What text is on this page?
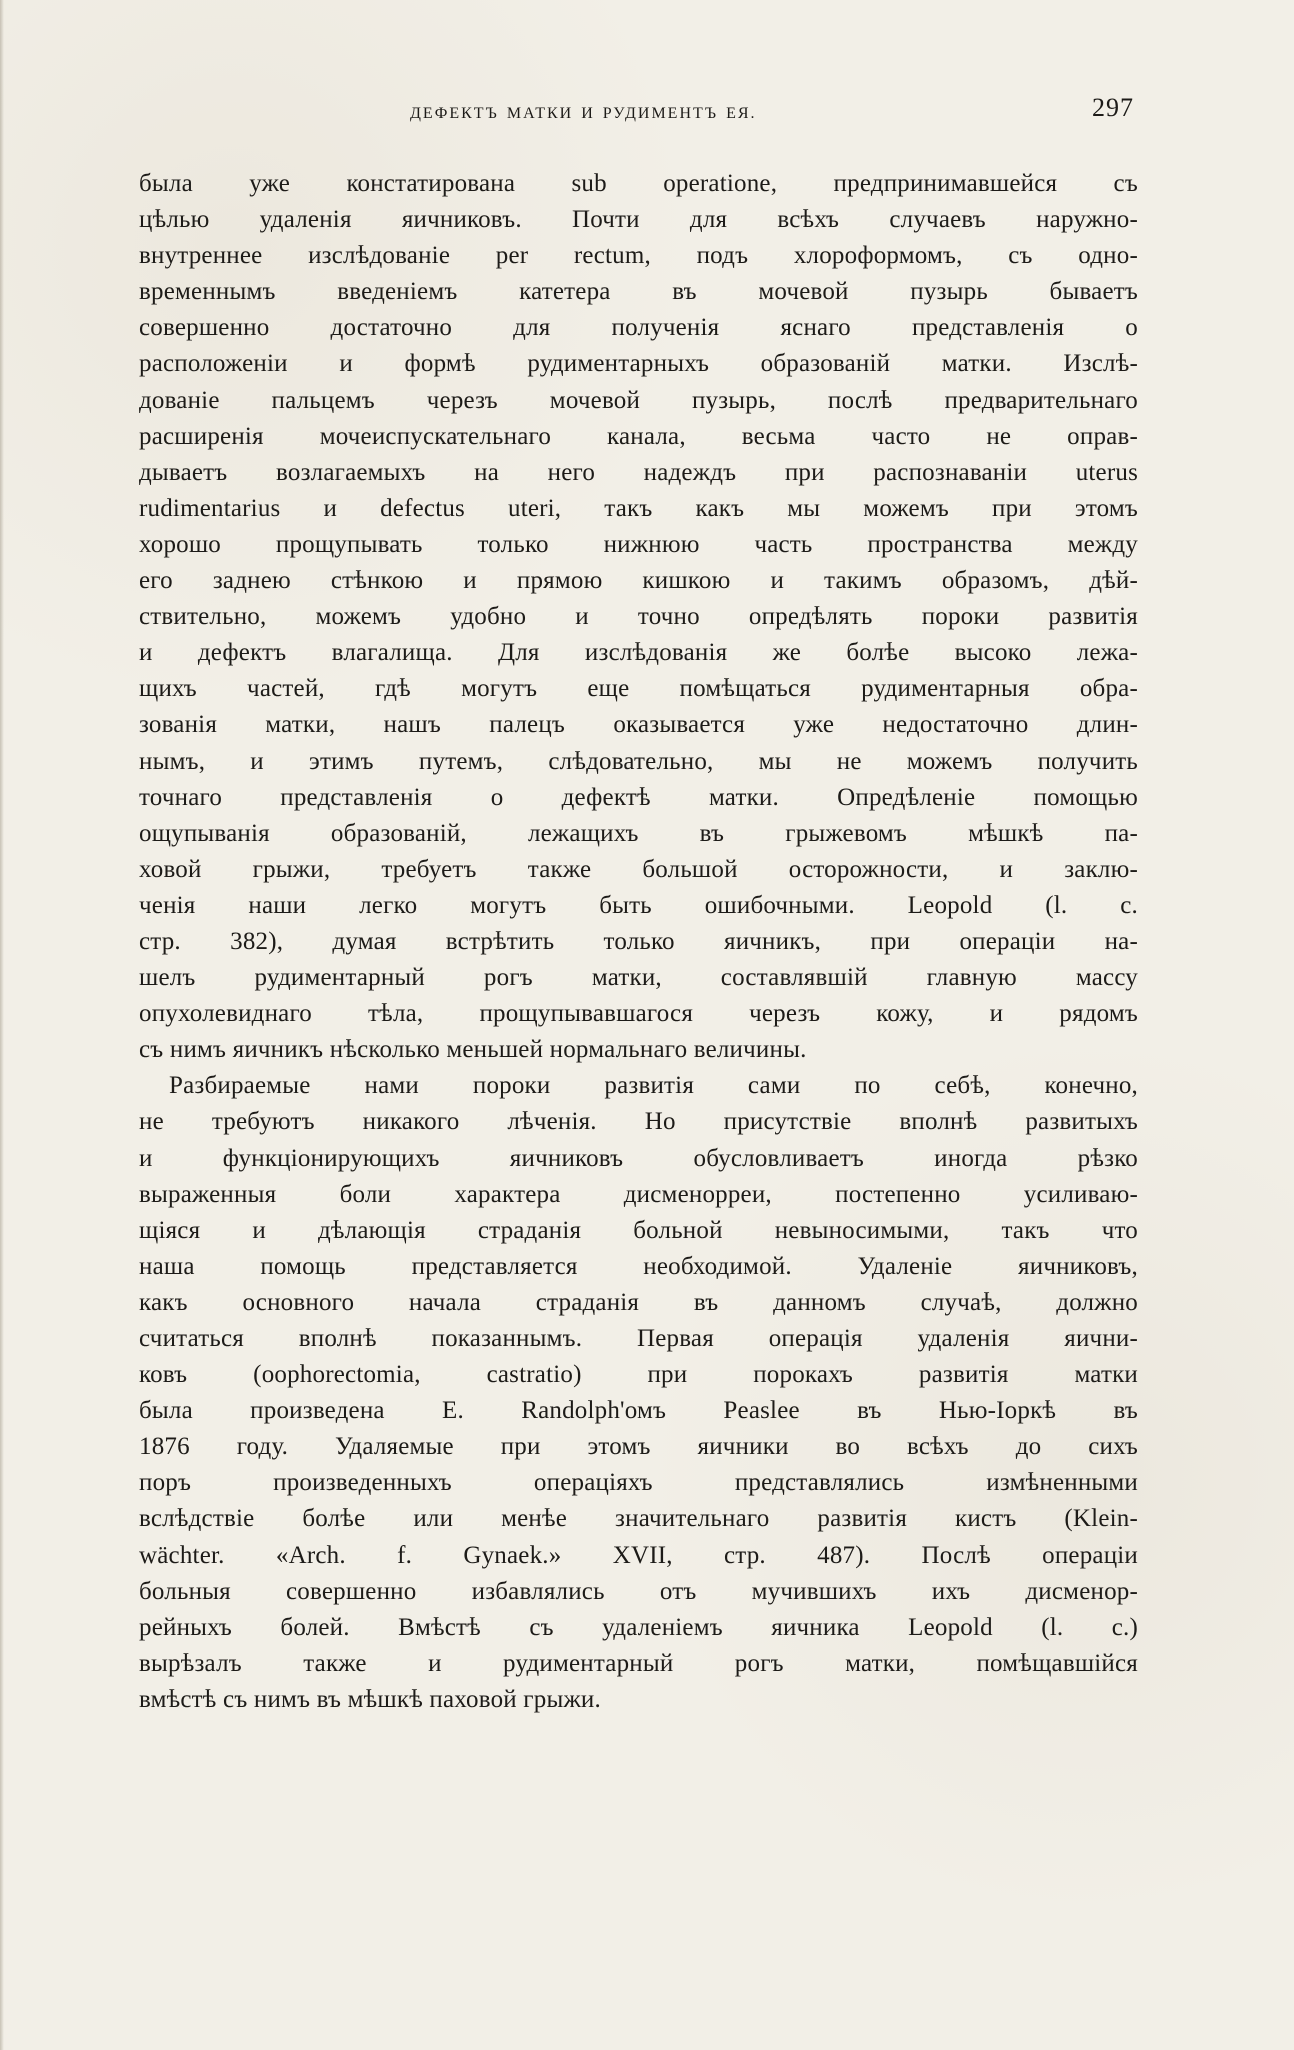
ДЕФЕКТЪ МАТКИ И РУДИМЕНТЪ ЕЯ.	297

была уже констатирована sub operatione, предпринимавшейся съ
цѣлью удаленія яичниковъ. Почти для всѣхъ случаевъ наружно-
внутреннее изслѣдованіе per rectum, подъ хлороформомъ, съ одно-
временнымъ введеніемъ катетера въ мочевой пузырь бываетъ
совершенно достаточно для полученія яснаго представленія о
расположеніи и формѣ рудиментарныхъ образованій матки. Изслѣ-
дованіе пальцемъ черезъ мочевой пузырь, послѣ предварительнаго
расширенія мочеиспускательнаго канала, весьма часто не оправ-
дываетъ возлагаемыхъ на него надеждъ при распознаваніи uterus
rudimentarius и defectus uteri, такъ какъ мы можемъ при этомъ
хорошо прощупывать только нижнюю часть пространства между
его заднею стѣнкою и прямою кишкою и такимъ образомъ, дѣй-
ствительно, можемъ удобно и точно опредѣлять пороки развитія
и дефектъ влагалища. Для изслѣдованія же болѣе высоко лежа-
щихъ частей, гдѣ могутъ еще помѣщаться рудиментарныя обра-
зованія матки, нашъ палецъ оказывается уже недостаточно длин-
нымъ, и этимъ путемъ, слѣдовательно, мы не можемъ получить
точнаго представленія о дефектѣ матки. Опредѣленіе помощью
ощупыванія образованій, лежащихъ въ грыжевомъ мѣшкѣ па-
ховой грыжи, требуетъ также большой осторожности, и заклю-
ченія наши легко могутъ быть ошибочными. Leopold (l. c.
стр. 382), думая встрѣтить только яичникъ, при операціи на-
шелъ рудиментарный рогъ матки, составлявшій главную массу
опухолевиднаго тѣла, прощупывавшагося черезъ кожу, и рядомъ
съ нимъ яичникъ нѣсколько меньшей нормальнаго величины.

Разбираемые нами пороки развитія сами по себѣ, конечно,
не требуютъ никакого лѣченія. Но присутствіе вполнѣ развитыхъ
и функціонирующихъ яичниковъ обусловливаетъ иногда рѣзко
выраженныя боли характера дисменорреи, постепенно усиливаю-
щіяся и дѣлающія страданія больной невыносимыми, такъ что
наша помощь представляется необходимой. Удаленіе яичниковъ,
какъ основного начала страданія въ данномъ случаѣ, должно
считаться вполнѣ показаннымъ. Первая операція удаленія яични-
ковъ (oophorectomia, castratio) при порокахъ развитія матки
была произведена E. Randolph'омъ Peaslee въ Нью-Іоркѣ въ
1876 году. Удаляемые при этомъ яичники во всѣхъ до сихъ
поръ произведенныхъ операціяхъ представлялись измѣненными
вслѣдствіе болѣе или менѣе значительнаго развитія кистъ (Klein-
wächter. «Arch. f. Gynaek.» XVII, стр. 487). Послѣ операціи
больныя совершенно избавлялись отъ мучившихъ ихъ дисменор-
рейныхъ болей. Вмѣстѣ съ удаленіемъ яичника Leopold (l. c.)
вырѣзалъ также и рудиментарный рогъ матки, помѣщавшійся
вмѣстѣ съ нимъ въ мѣшкѣ паховой грыжи.
